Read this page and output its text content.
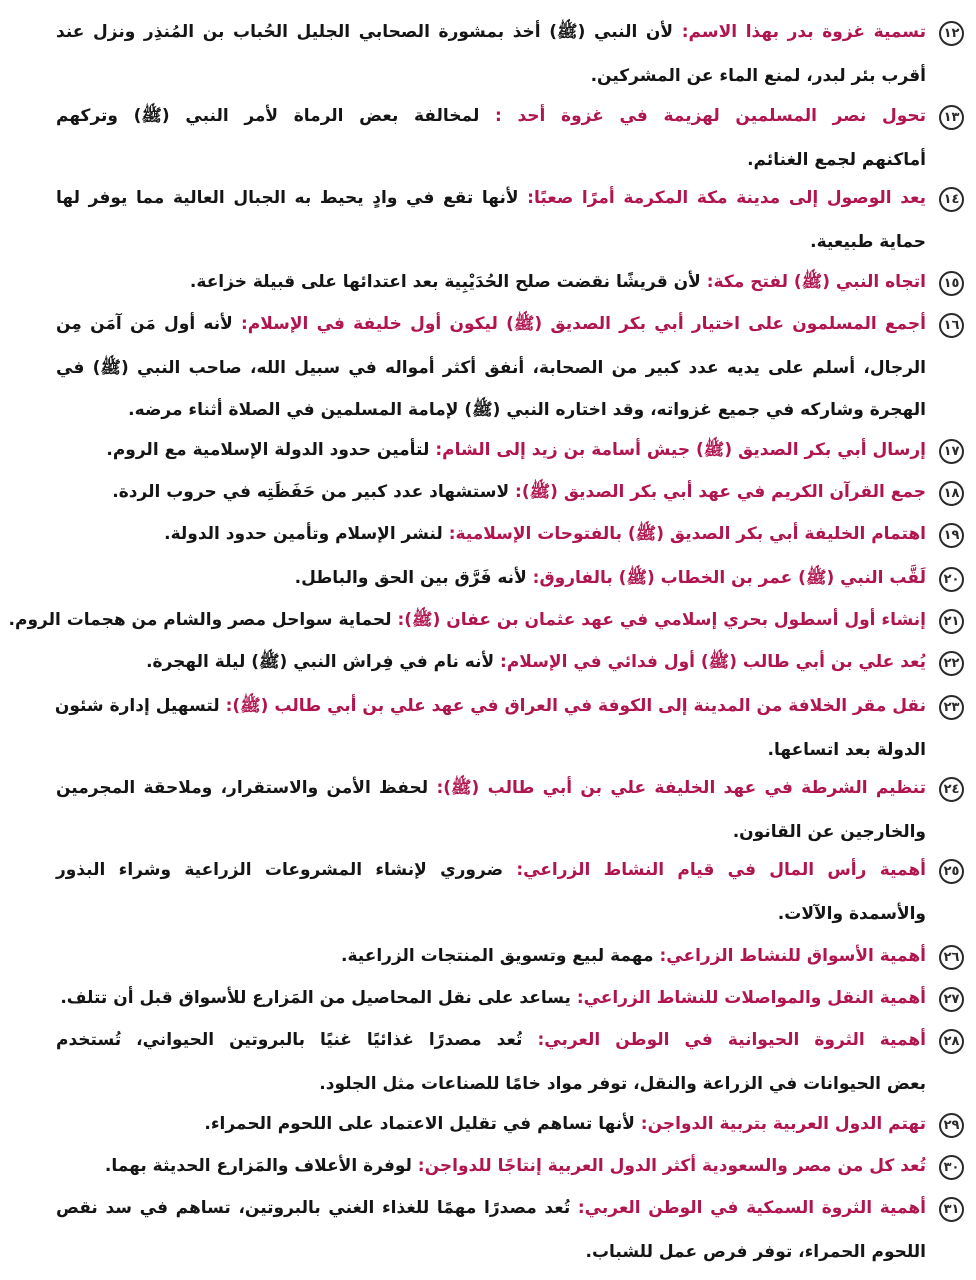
١٢
تسمية غزوة بدر بهذا الاسم: لأن النبي (ﷺ) أخذ بمشورة الصحابي الجليل الحُباب بن المُنذِر ونزل عند
أقرب بئر لبدر، لمنع الماء عن المشركين.
١٣
تحول نصر المسلمين لهزيمة في غزوة أحد : لمخالفة بعض الرماة لأمر النبي (ﷺ) وتركهم
أماكنهم لجمع الغنائم.
١٤
يعد الوصول إلى مدينة مكة المكرمة أمرًا صعبًا: لأنها تقع في وادٍ يحيط به الجبال العالية مما يوفر لها
حماية طبيعية.
١٥
اتجاه النبي (ﷺ) لفتح مكة: لأن قريشًا نقضت صلح الحُدَيْبِية بعد اعتدائها على قبيلة خزاعة.
١٦
أجمع المسلمون على اختيار أبي بكر الصديق (ﷺ) ليكون أول خليفة في الإسلام: لأنه أول مَن آمَن مِن
الرجال، أسلم على يديه عدد كبير من الصحابة، أنفق أكثر أمواله في سبيل الله، صاحب النبي (ﷺ) في
الهجرة وشاركه في جميع غزواته، وقد اختاره النبي (ﷺ) لإمامة المسلمين في الصلاة أثناء مرضه.
١٧
إرسال أبي بكر الصديق (ﷺ) جيش أسامة بن زيد إلى الشام: لتأمين حدود الدولة الإسلامية مع الروم.
١٨
جمع القرآن الكريم في عهد أبي بكر الصديق (ﷺ): لاستشهاد عدد كبير من حَفَظَتِه في حروب الردة.
١٩
اهتمام الخليفة أبي بكر الصديق (ﷺ) بالفتوحات الإسلامية: لنشر الإسلام وتأمين حدود الدولة.
٢٠
لَقَّب النبي (ﷺ) عمر بن الخطاب (ﷺ) بالفاروق: لأنه فَرَّق بين الحق والباطل.
٢١
إنشاء أول أسطول بحري إسلامي في عهد عثمان بن عفان (ﷺ): لحماية سواحل مصر والشام من هجمات الروم.
٢٢
يُعد علي بن أبي طالب (ﷺ) أول فدائي في الإسلام: لأنه نام في فِراش النبي (ﷺ) ليلة الهجرة.
٢٣
نقل مقر الخلافة من المدينة إلى الكوفة في العراق في عهد علي بن أبي طالب (ﷺ): لتسهيل إدارة شئون
الدولة بعد اتساعها.
٢٤
تنظيم الشرطة في عهد الخليفة علي بن أبي طالب (ﷺ): لحفظ الأمن والاستقرار، وملاحقة المجرمين
والخارجين عن القانون.
٢٥
أهمية رأس المال في قيام النشاط الزراعي: ضروري لإنشاء المشروعات الزراعية وشراء البذور
والأسمدة والآلات.
٢٦
أهمية الأسواق للنشاط الزراعي: مهمة لبيع وتسويق المنتجات الزراعية.
٢٧
أهمية النقل والمواصلات للنشاط الزراعي: يساعد على نقل المحاصيل من المَزارع للأسواق قبل أن تتلف.
٢٨
أهمية الثروة الحيوانية في الوطن العربي: تُعد مصدرًا غذائيًا غنيًا بالبروتين الحيواني، تُستخدم
بعض الحيوانات في الزراعة والنقل، توفر مواد خامًا للصناعات مثل الجلود.
٢٩
تهتم الدول العربية بتربية الدواجن: لأنها تساهم في تقليل الاعتماد على اللحوم الحمراء.
٣٠
تُعد كل من مصر والسعودية أكثر الدول العربية إنتاجًا للدواجن: لوفرة الأعلاف والمَزارع الحديثة بهما.
٣١
أهمية الثروة السمكية في الوطن العربي: تُعد مصدرًا مهمًا للغذاء الغني بالبروتين، تساهم في سد نقص
اللحوم الحمراء، توفر فرص عمل للشباب.
